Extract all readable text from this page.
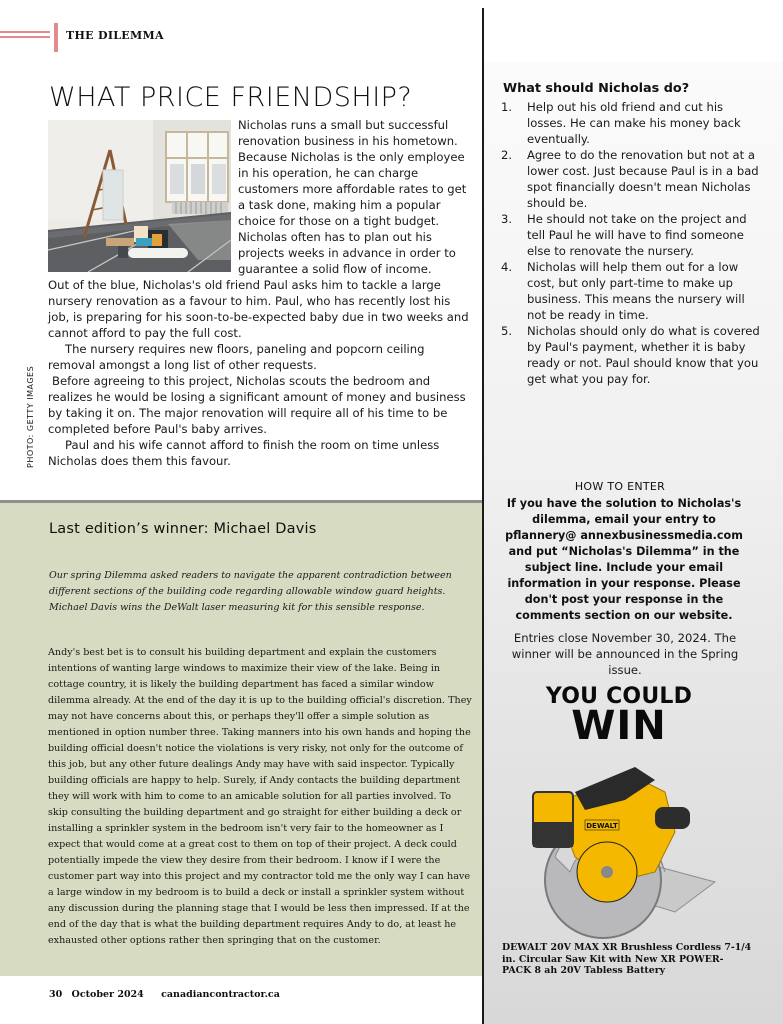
THE DILEMMA
WHAT PRICE FRIENDSHIP?
PHOTO: GETTY IMAGES
Nicholas runs a small but successful renovation business in his hometown. Because Nicholas is the only employee in his operation, he can charge customers more affordable rates to get a task done, making him a popular choice for those on a tight budget. Nicholas often has to plan out his projects weeks in advance in order to guarantee a solid flow of income.

Out of the blue, Nicholas's old friend Paul asks him to tackle a large nursery renovation as a favour to him. Paul, who has recently lost his job, is preparing for his soon-to-be-expected baby due in two weeks and cannot afford to pay the full cost.

The nursery requires new floors, paneling and popcorn ceiling removal amongst a long list of other requests.

Before agreeing to this project, Nicholas scouts the bedroom and realizes he would be losing a significant amount of money and business by taking it on. The major renovation will require all of his time to be completed before Paul's baby arrives.

Paul and his wife cannot afford to finish the room on time unless Nicholas does them this favour.

What should Nicholas do?
1.	Help out his old friend and cut his losses. He can make his money back eventually.
2.	Agree to do the renovation but not at a lower cost. Just because Paul is in a bad spot financially doesn't mean Nicholas should be.
3.	He should not take on the project and tell Paul he will have to find someone else to renovate the nursery.
4.	Nicholas will help them out for a low cost, but only part-time to make up business. This means the nursery will not be ready in time.
5.	Nicholas should only do what is covered by Paul's payment, whether it is baby ready or not. Paul should know that you get what you pay for.
HOW TO ENTER
If you have the solution to Nicholas's dilemma, email your entry to pflannery@ annexbusinessmedia.com and put “Nicholas's Dilemma” in the subject line. Include your email information in your response. Please don't post your response in the comments section on our website.
Entries close November 30, 2024. The winner will be announced in the Spring issue.
YOU COULD
WIN
DEWALT
DEWALT 20V MAX XR Brushless Cordless 7-1/4 in. Circular Saw Kit with New XR POWER-PACK 8 ah 20V Tabless Battery
Last edition’s winner: Michael Davis
Our spring Dilemma asked readers to navigate the apparent contradiction between different sections of the building code regarding allowable window guard heights. Michael Davis wins the DeWalt laser measuring kit for this sensible response.
Andy's best bet is to consult his building department and explain the customers intentions of wanting large windows to maximize their view of the lake. Being in cottage country, it is likely the building department has faced a similar window dilemma already. At the end of the day it is up to the building official's discretion. They may not have concerns about this, or perhaps they'll offer a simple solution as mentioned in option number three. Taking manners into his own hands and hoping the building official doesn't notice the violations is very risky, not only for the outcome of this job, but any other future dealings Andy may have with said inspector. Typically building officials are happy to help. Surely, if Andy contacts the building department they will work with him to come to an amicable solution for all parties involved. To skip consulting the building department and go straight for either building a deck or installing a sprinkler system in the bedroom isn't very fair to the homeowner as I expect that would come at a great cost to them on top of their project. A deck could potentially impede the view they desire from their bedroom. I know if I were the customer part way into this project and my contractor told me the only way I can have a large window in my bedroom is to build a deck or install a sprinkler system without any discussion during the planning stage that I would be less then impressed. If at the end of the day that is what the building department requires Andy to do, at least he exhausted other options rather then springing that on the customer.
30 October 2024 canadiancontractor.ca
